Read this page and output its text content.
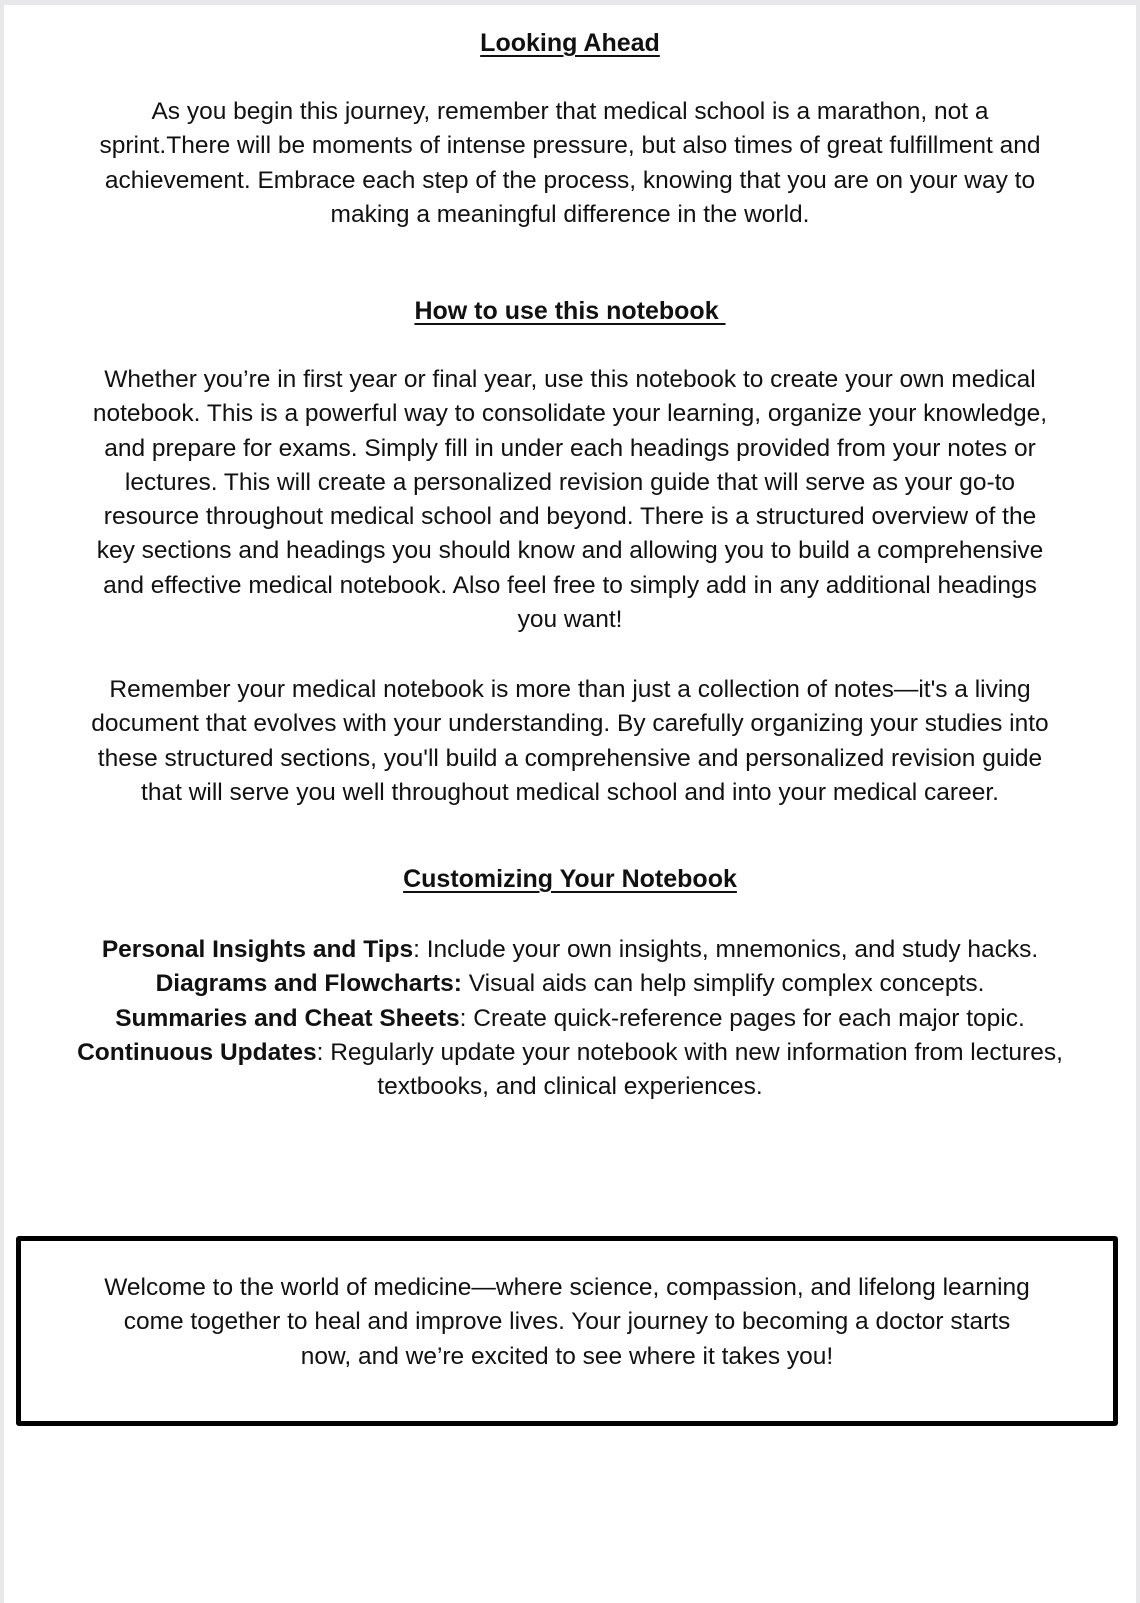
Looking Ahead
As you begin this journey, remember that medical school is a marathon, not a
sprint.There will be moments of intense pressure, but also times of great fulfillment and
achievement. Embrace each step of the process, knowing that you are on your way to
making a meaningful difference in the world.
How to use this notebook
Whether you’re in first year or final year, use this notebook to create your own medical
notebook. This is a powerful way to consolidate your learning, organize your knowledge,
and prepare for exams. Simply fill in under each headings provided from your notes or
lectures. This will create a personalized revision guide that will serve as your go-to
resource throughout medical school and beyond. There is a structured overview of the
key sections and headings you should know and allowing you to build a comprehensive
and effective medical notebook. Also feel free to simply add in any additional headings
you want!
Remember your medical notebook is more than just a collection of notes—it's a living
document that evolves with your understanding. By carefully organizing your studies into
these structured sections, you'll build a comprehensive and personalized revision guide
that will serve you well throughout medical school and into your medical career.
Customizing Your Notebook
Personal Insights and Tips: Include your own insights, mnemonics, and study hacks.
Diagrams and Flowcharts: Visual aids can help simplify complex concepts.
Summaries and Cheat Sheets: Create quick-reference pages for each major topic.
Continuous Updates: Regularly update your notebook with new information from lectures,
textbooks, and clinical experiences.
Welcome to the world of medicine—where science, compassion, and lifelong learning
come together to heal and improve lives. Your journey to becoming a doctor starts
now, and we’re excited to see where it takes you!
